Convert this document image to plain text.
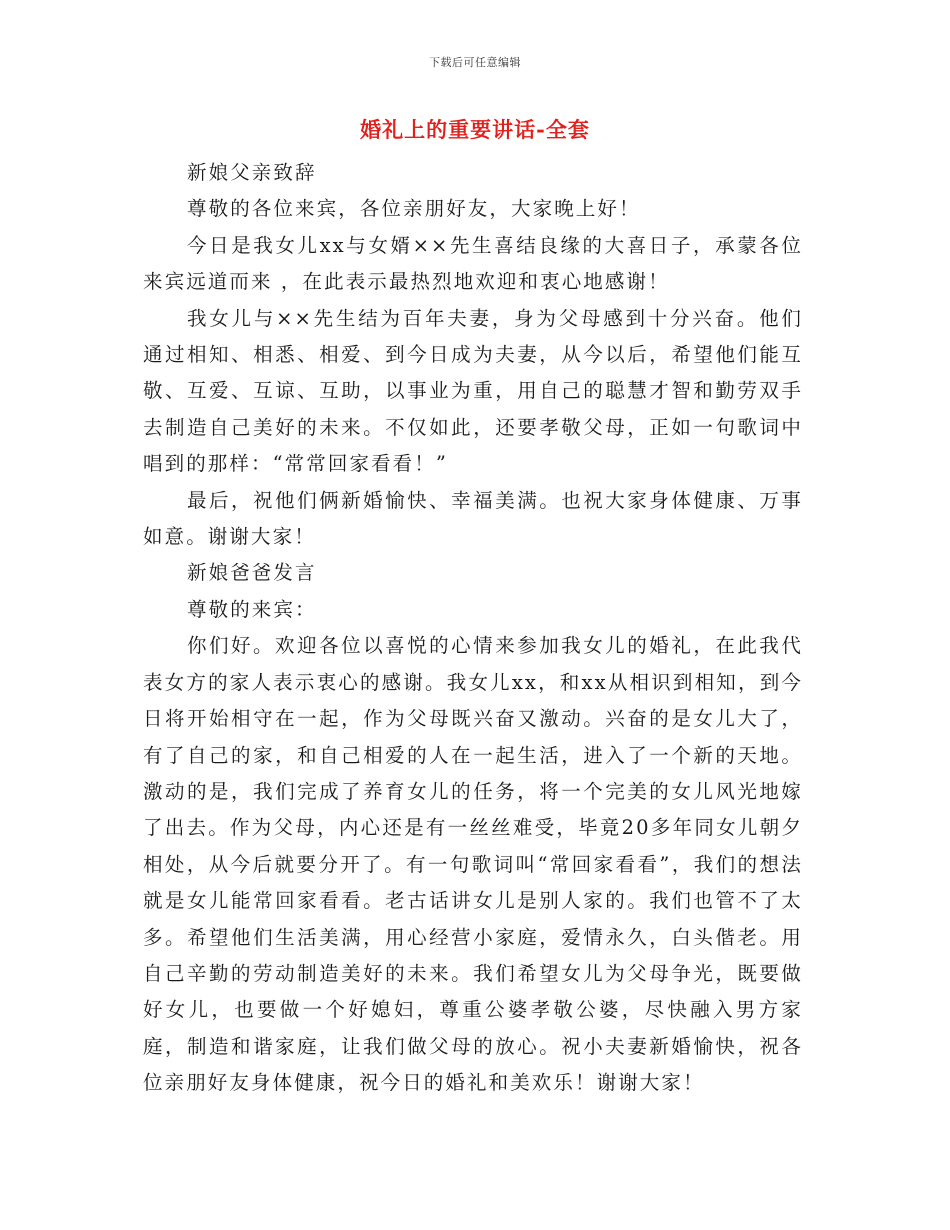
下载后可任意编辑
婚礼上的重要讲话-全套

新娘父亲致辞

尊敬的各位来宾，各位亲朋好友，大家晚上好！

今日是我女儿xx与女婿××先生喜结良缘的大喜日子，承蒙各位来宾远道而来 ，在此表示最热烈地欢迎和衷心地感谢！

我女儿与××先生结为百年夫妻，身为父母感到十分兴奋。他们通过相知、相悉、相爱、到今日成为夫妻，从今以后，希望他们能互敬、互爱、互谅、互助，以事业为重，用自己的聪慧才智和勤劳双手去制造自己美好的未来。不仅如此，还要孝敬父母，正如一句歌词中唱到的那样：“常常回家看看！”

最后，祝他们俩新婚愉快、幸福美满。也祝大家身体健康、万事如意。谢谢大家！

新娘爸爸发言

尊敬的来宾：

你们好。欢迎各位以喜悦的心情来参加我女儿的婚礼，在此我代表女方的家人表示衷心的感谢。我女儿xx，和xx从相识到相知，到今日将开始相守在一起，作为父母既兴奋又激动。兴奋的是女儿大了，有了自己的家，和自己相爱的人在一起生活，进入了一个新的天地。激动的是，我们完成了养育女儿的任务，将一个完美的女儿风光地嫁了出去。作为父母，内心还是有一丝丝难受，毕竟20多年同女儿朝夕相处，从今后就要分开了。有一句歌词叫“常回家看看”，我们的想法就是女儿能常回家看看。老古话讲女儿是别人家的。我们也管不了太多。希望他们生活美满，用心经营小家庭，爱情永久，白头偕老。用自己辛勤的劳动制造美好的未来。我们希望女儿为父母争光，既要做好女儿，也要做一个好媳妇，尊重公婆孝敬公婆，尽快融入男方家庭，制造和谐家庭，让我们做父母的放心。祝小夫妻新婚愉快，祝各位亲朋好友身体健康，祝今日的婚礼和美欢乐！谢谢大家！
